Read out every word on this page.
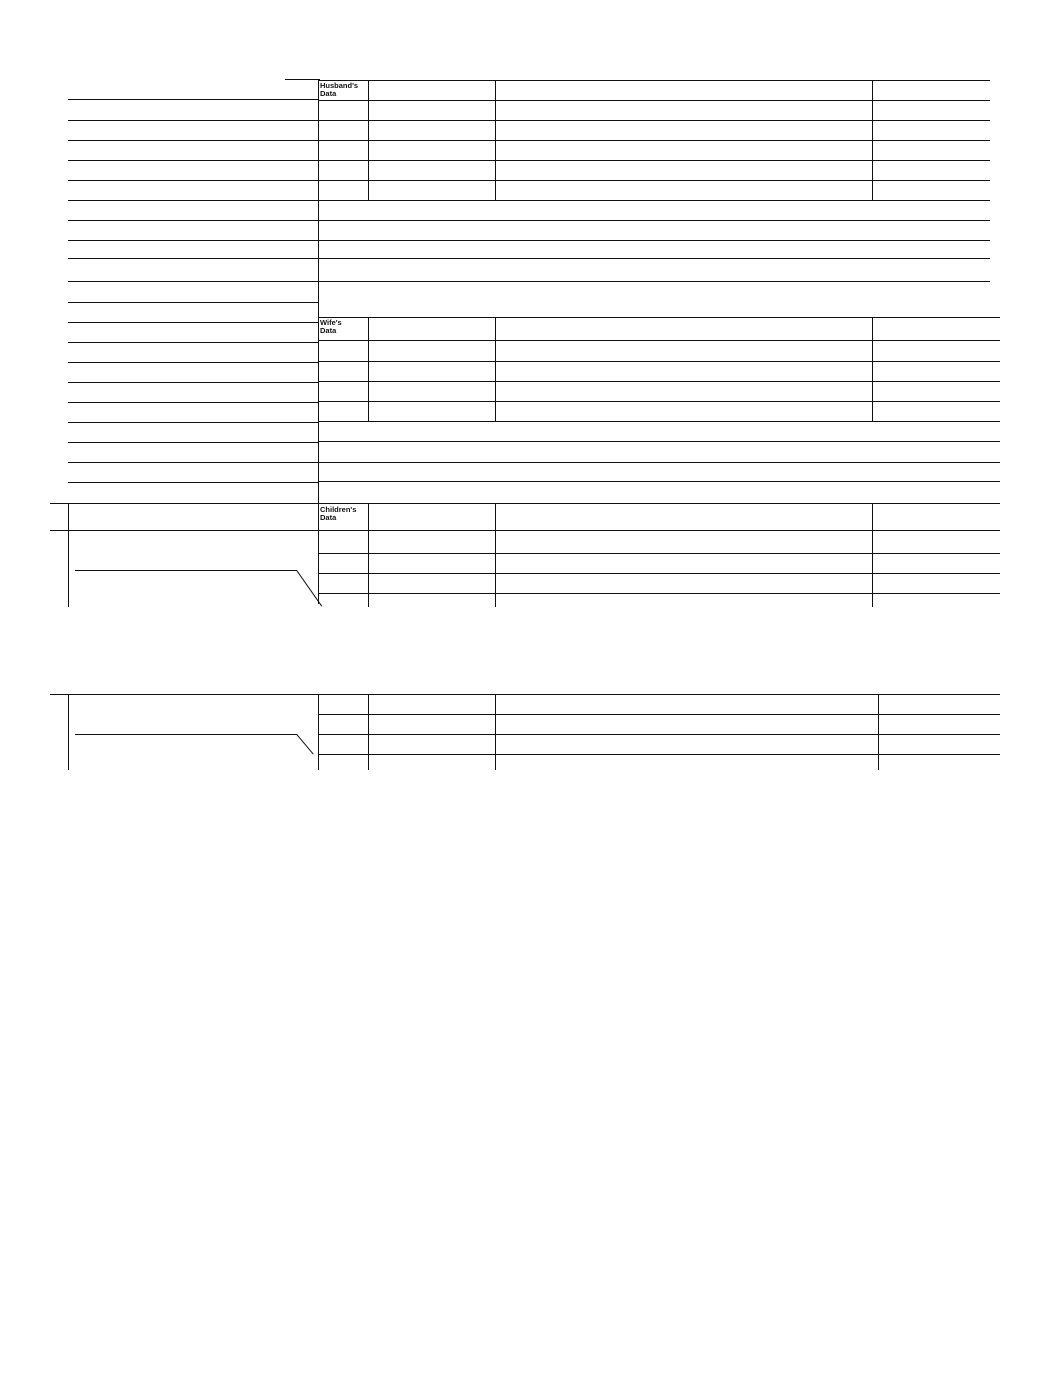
Husband's
Data
Wife's
Data
Children's
Data
